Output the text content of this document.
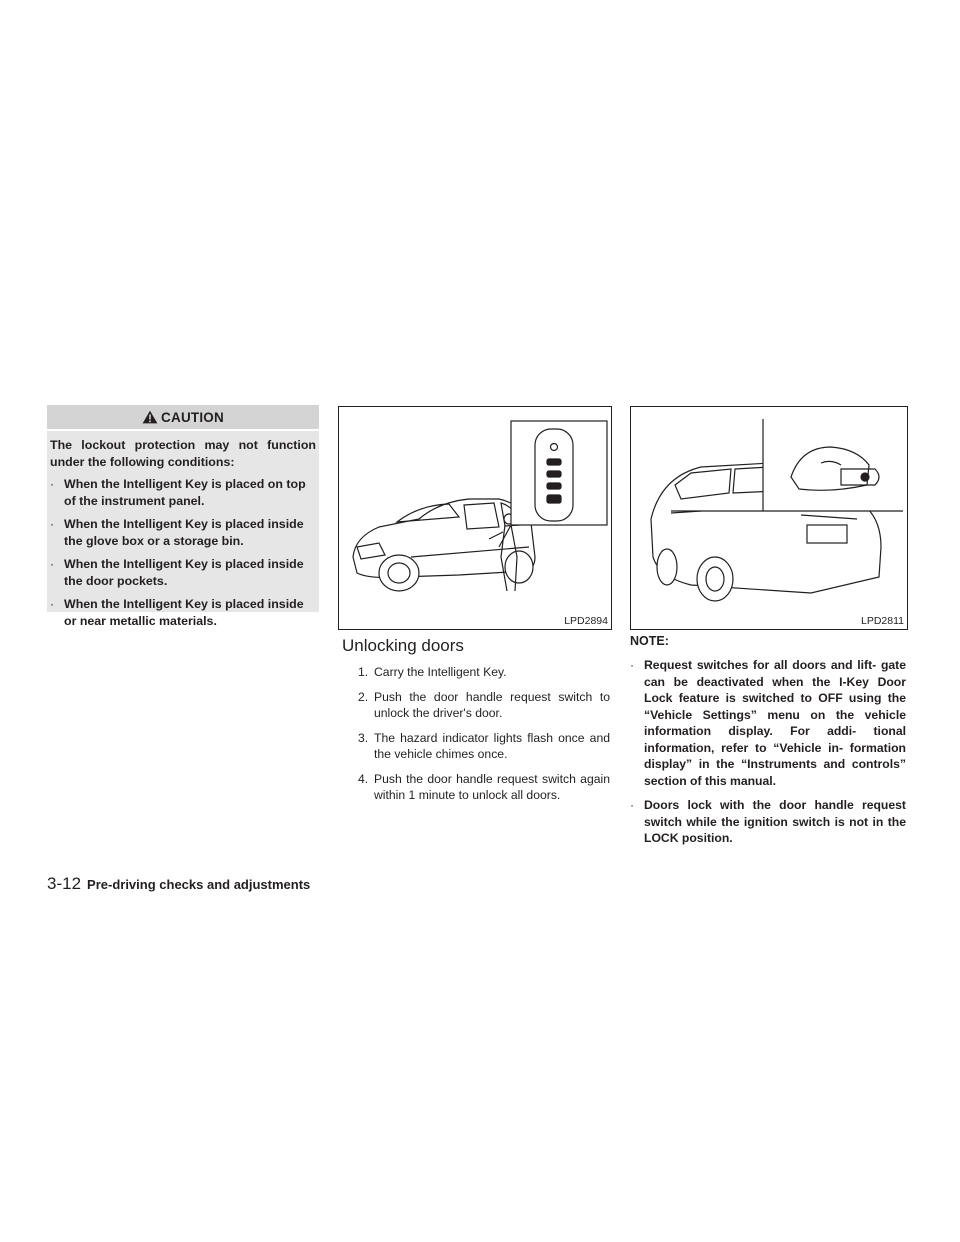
CAUTION

The lockout protection may not function under the following conditions:

· When the Intelligent Key is placed on top of the instrument panel.
· When the Intelligent Key is placed inside the glove box or a storage bin.
· When the Intelligent Key is placed inside the door pockets.
· When the Intelligent Key is placed inside or near metallic materials.	LPD2894	LPD2811
Unlocking doors
1. Carry the Intelligent Key.
2. Push the door handle request switch to unlock the driver's door.
3. The hazard indicator lights flash once and the vehicle chimes once.
4. Push the door handle request switch again within 1 minute to unlock all doors.
NOTE:
· Request switches for all doors and lift- gate can be deactivated when the I-Key Door Lock feature is switched to OFF using the “Vehicle Settings” menu on the vehicle information display. For addi- tional information, refer to “Vehicle in- formation display” in the “Instruments and controls” section of this manual.
· Doors lock with the door handle request switch while the ignition switch is not in the LOCK position.
3-12 Pre-driving checks and adjustments
